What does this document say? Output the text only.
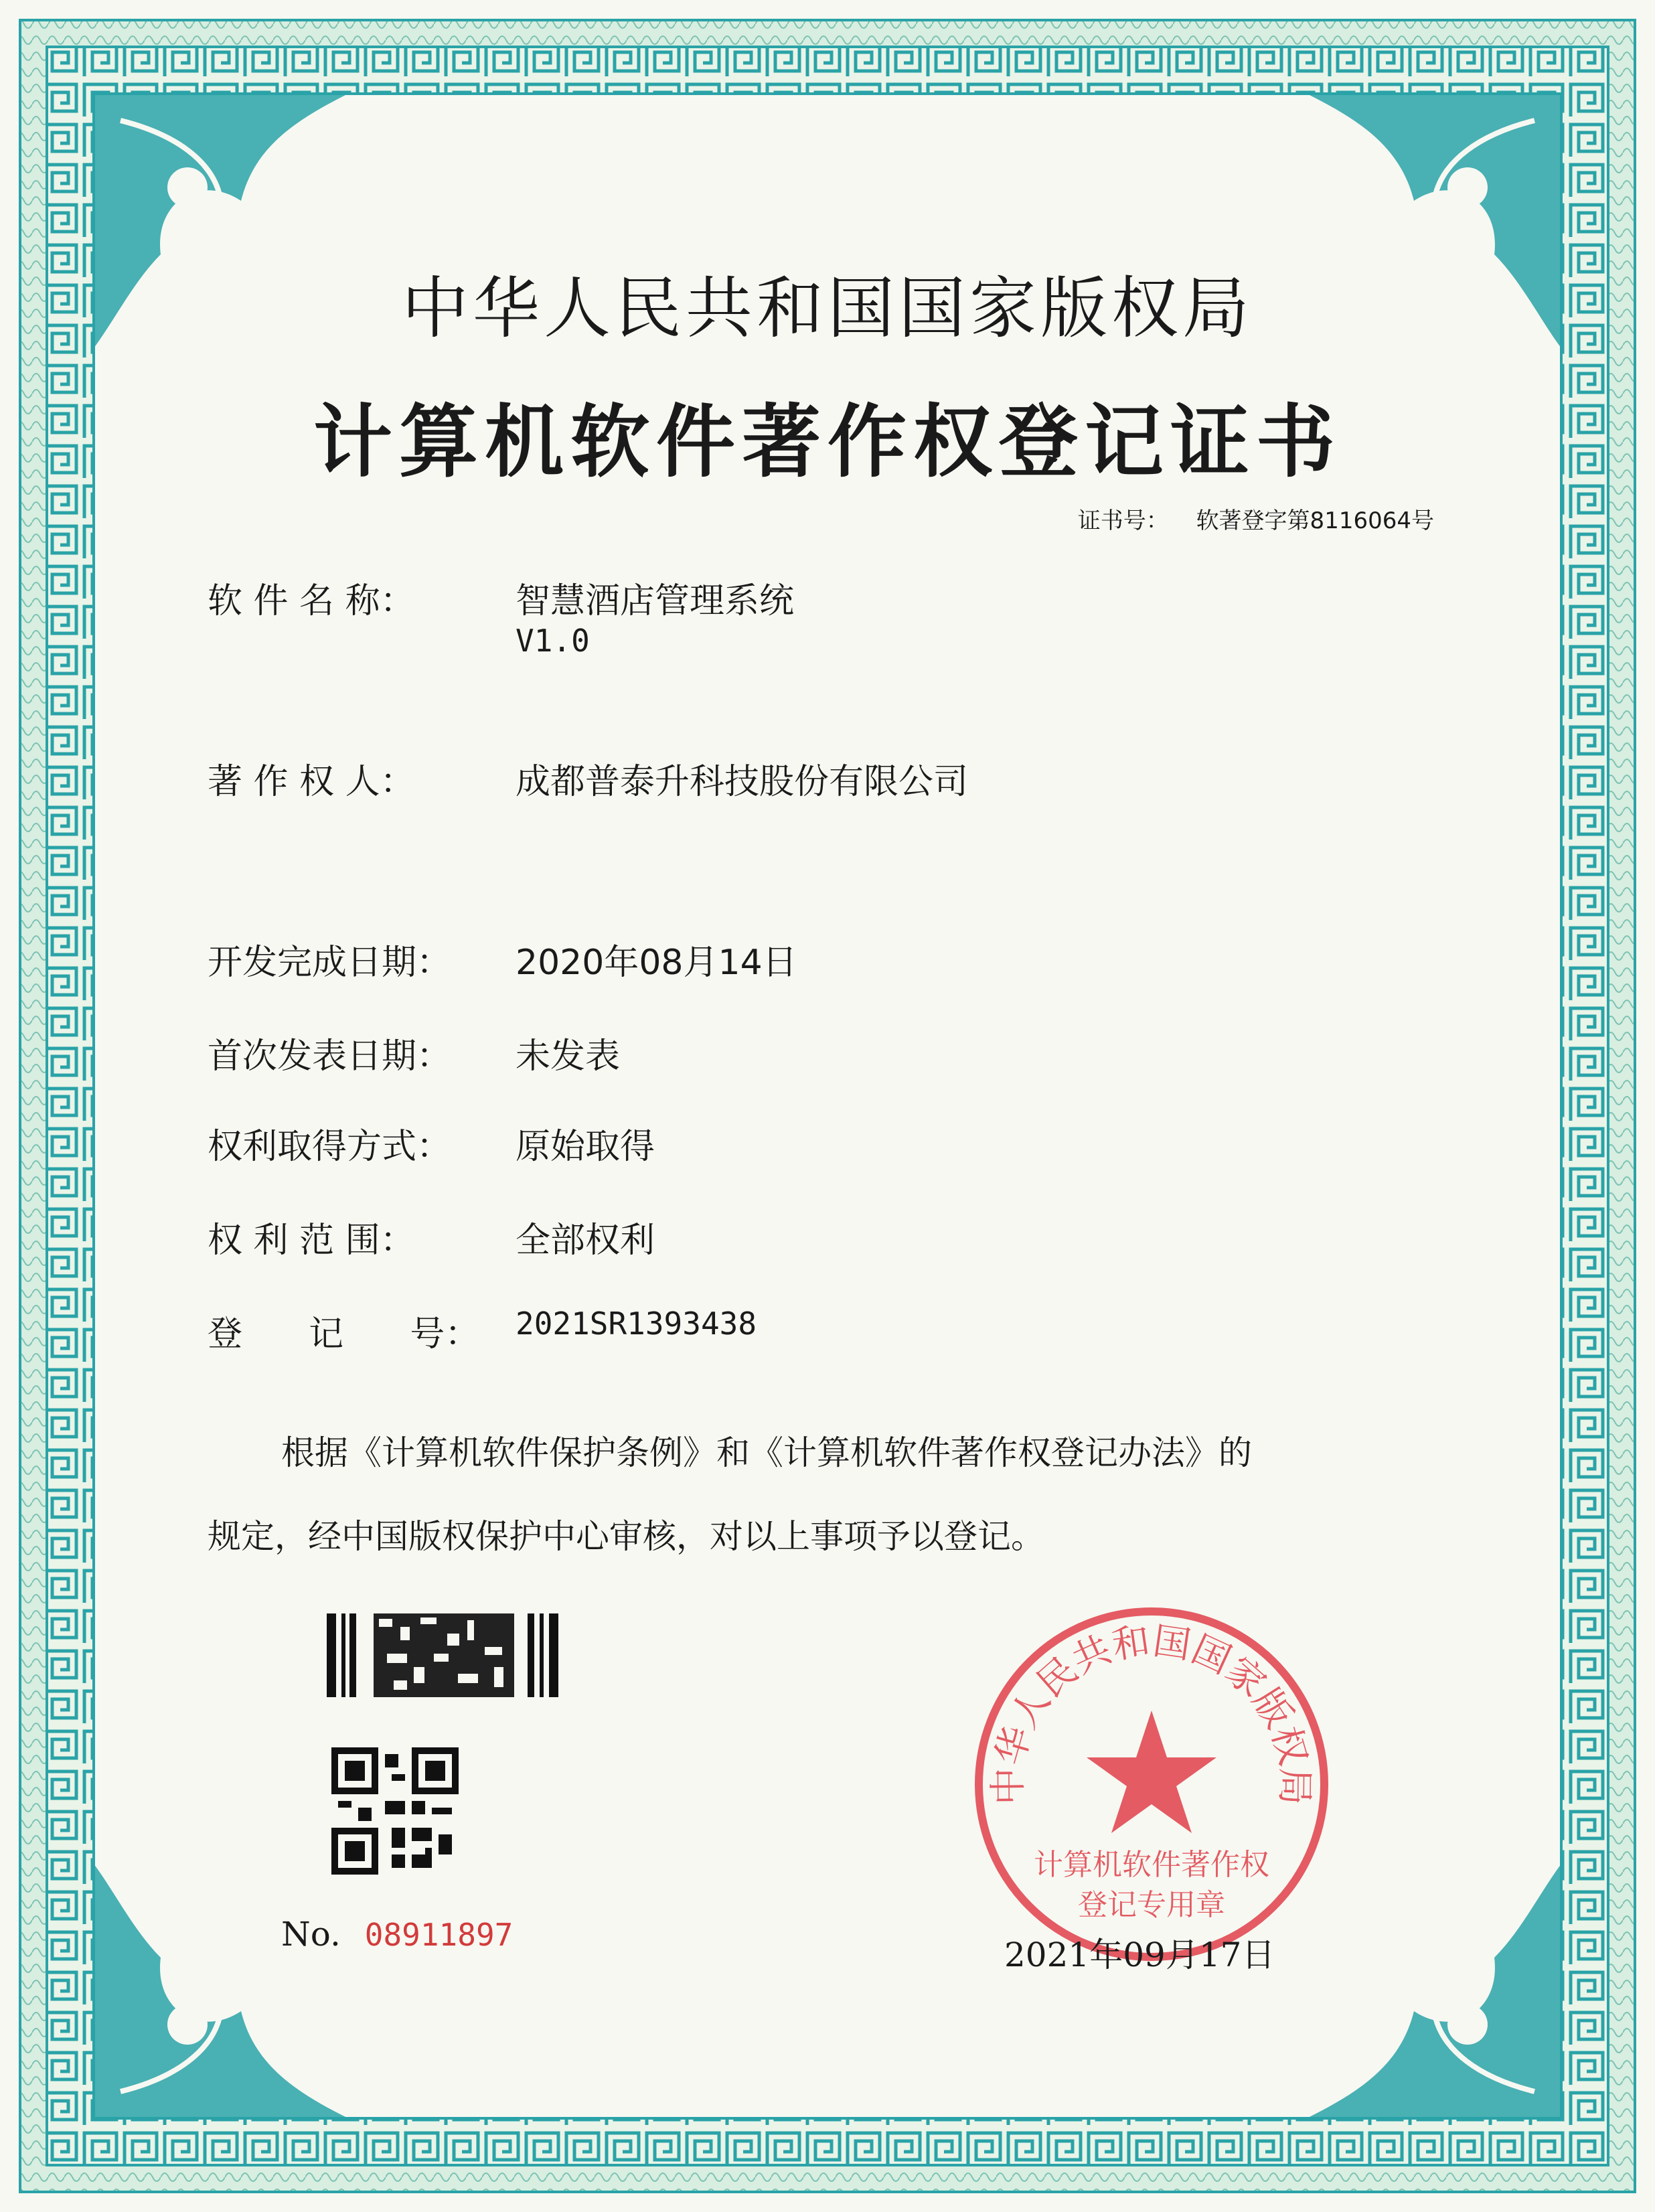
中华人民共和国国家版权局
计算机软件著作权登记证书
证书号： 软著登字第8116064号
软 件 名 称：	智慧酒店管理系统
V1.0
著 作 权 人：	成都普泰升科技股份有限公司
开发完成日期：	2020年08月14日
首次发表日期：	未发表
权利取得方式：	原始取得
权 利 范 围：	全部权利
登      记      号：	2021SR1393438
根据《计算机软件保护条例》和《计算机软件著作权登记办法》的
规定，经中国版权保护中心审核，对以上事项予以登记。
No. 08911897
中华人民共和国国家版权局
计算机软件著作权
登记专用章
2021年09月17日
